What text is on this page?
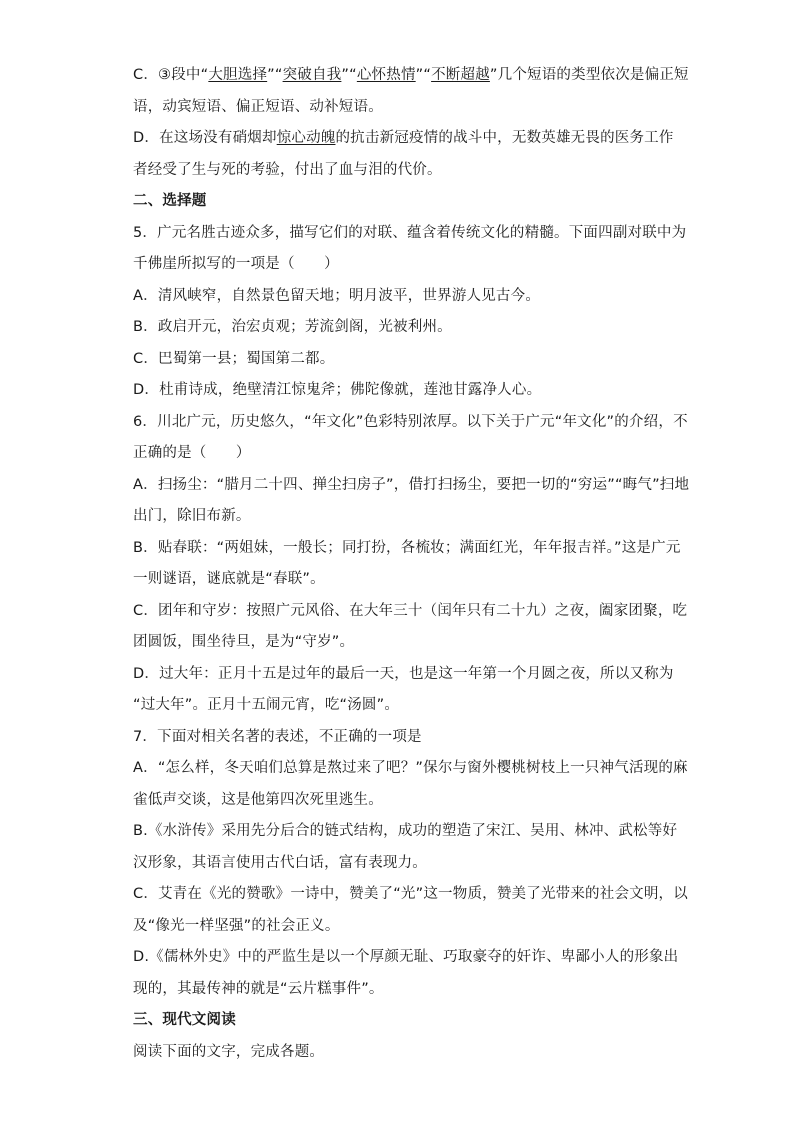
C．③段中“大胆选择”“突破自我”“心怀热情”“不断超越”几个短语的类型依次是偏正短
语，动宾短语、偏正短语、动补短语。
D．在这场没有硝烟却惊心动魄的抗击新冠疫情的战斗中，无数英雄无畏的医务工作
者经受了生与死的考验，付出了血与泪的代价。
二、选择题
5．广元名胜古迹众多，描写它们的对联、蕴含着传统文化的精髓。下面四副对联中为
千佛崖所拟写的一项是（　　）
A．清风峡窄，自然景色留天地；明月波平，世界游人见古今。
B．政启开元，治宏贞观；芳流剑阁，光被利州。
C．巴蜀第一县；蜀国第二都。
D．杜甫诗成，绝壁清江惊鬼斧；佛陀像就，莲池甘露净人心。
6．川北广元，历史悠久，“年文化”色彩特别浓厚。以下关于广元“年文化”的介绍，不
正确的是（　　）
A．扫扬尘：“腊月二十四、掸尘扫房子”，借打扫扬尘，要把一切的“穷运”“晦气”扫地
出门，除旧布新。
B．贴春联：“两姐妹，一般长；同打扮，各梳妆；满面红光，年年报吉祥。”这是广元
一则谜语，谜底就是“春联”。
C．团年和守岁：按照广元风俗、在大年三十（闰年只有二十九）之夜，阖家团聚，吃
团圆饭，围坐待旦，是为“守岁”。
D．过大年：正月十五是过年的最后一天，也是这一年第一个月圆之夜，所以又称为
“过大年”。正月十五闹元宵，吃“汤圆”。
7．下面对相关名著的表述，不正确的一项是
A．“怎么样，冬天咱们总算是熬过来了吧？”保尔与窗外樱桃树枝上一只神气活现的麻
雀低声交谈，这是他第四次死里逃生。
B.《水浒传》采用先分后合的链式结构，成功的塑造了宋江、吴用、林冲、武松等好
汉形象，其语言使用古代白话，富有表现力。
C．艾青在《光的赞歌》一诗中，赞美了“光”这一物质，赞美了光带来的社会文明，以
及“像光一样坚强”的社会正义。
D.《儒林外史》中的严监生是以一个厚颜无耻、巧取豪夺的奸诈、卑鄙小人的形象出
现的，其最传神的就是“云片糕事件”。
三、现代文阅读
阅读下面的文字，完成各题。
